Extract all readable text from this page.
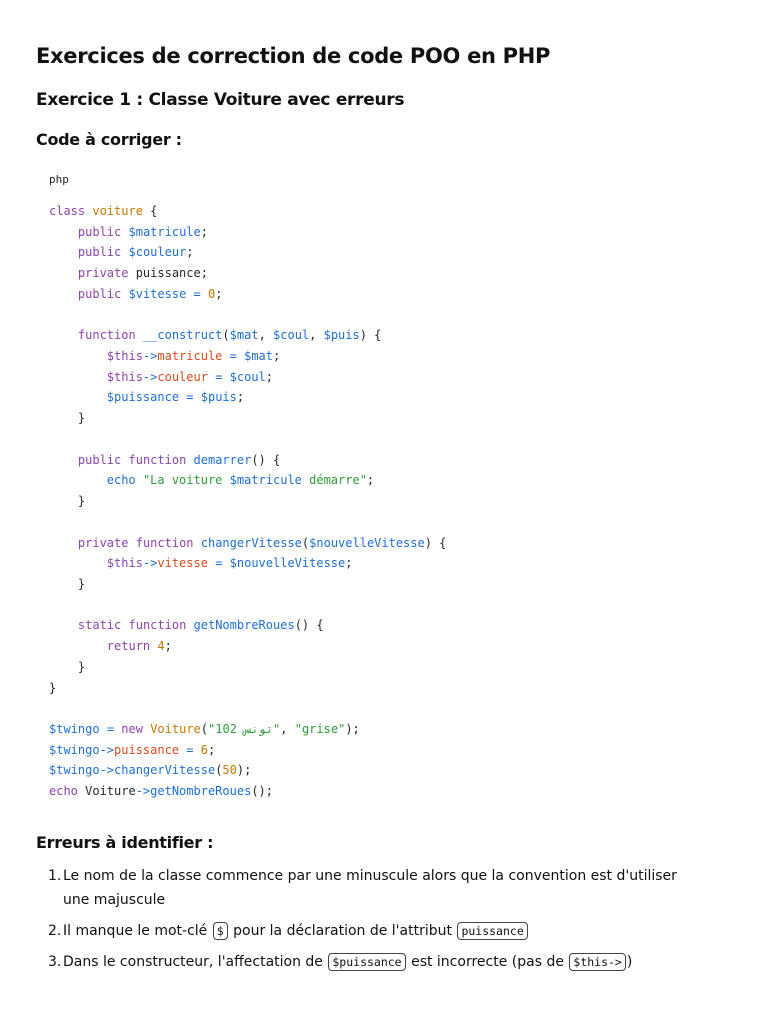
Exercices de correction de code POO en PHP
Exercice 1 : Classe Voiture avec erreurs
Code à corriger :
php
class voiture {
public $matricule;
public $couleur;
private puissance;
public $vitesse = 0;
function __construct($mat, $coul, $puis) {
$this->matricule = $mat;
$this->couleur = $coul;
$puissance = $puis;
}
public function demarrer() {
echo "La voiture $matricule démarre";
}
private function changerVitesse($nouvelleVitesse) {
$this->vitesse = $nouvelleVitesse;
}
static function getNombreRoues() {
return 4;
}
}
$twingo = new Voiture("102 تونس", "grise");
$twingo->puissance = 6;
$twingo->changerVitesse(50);
echo Voiture->getNombreRoues();
Erreurs à identifier :
1. Le nom de la classe commence par une minuscule alors que la convention est d'utiliser une majuscule
2. Il manque le mot-clé $ pour la déclaration de l'attribut puissance
3. Dans le constructeur, l'affectation de $puissance est incorrecte (pas de $this-> )
